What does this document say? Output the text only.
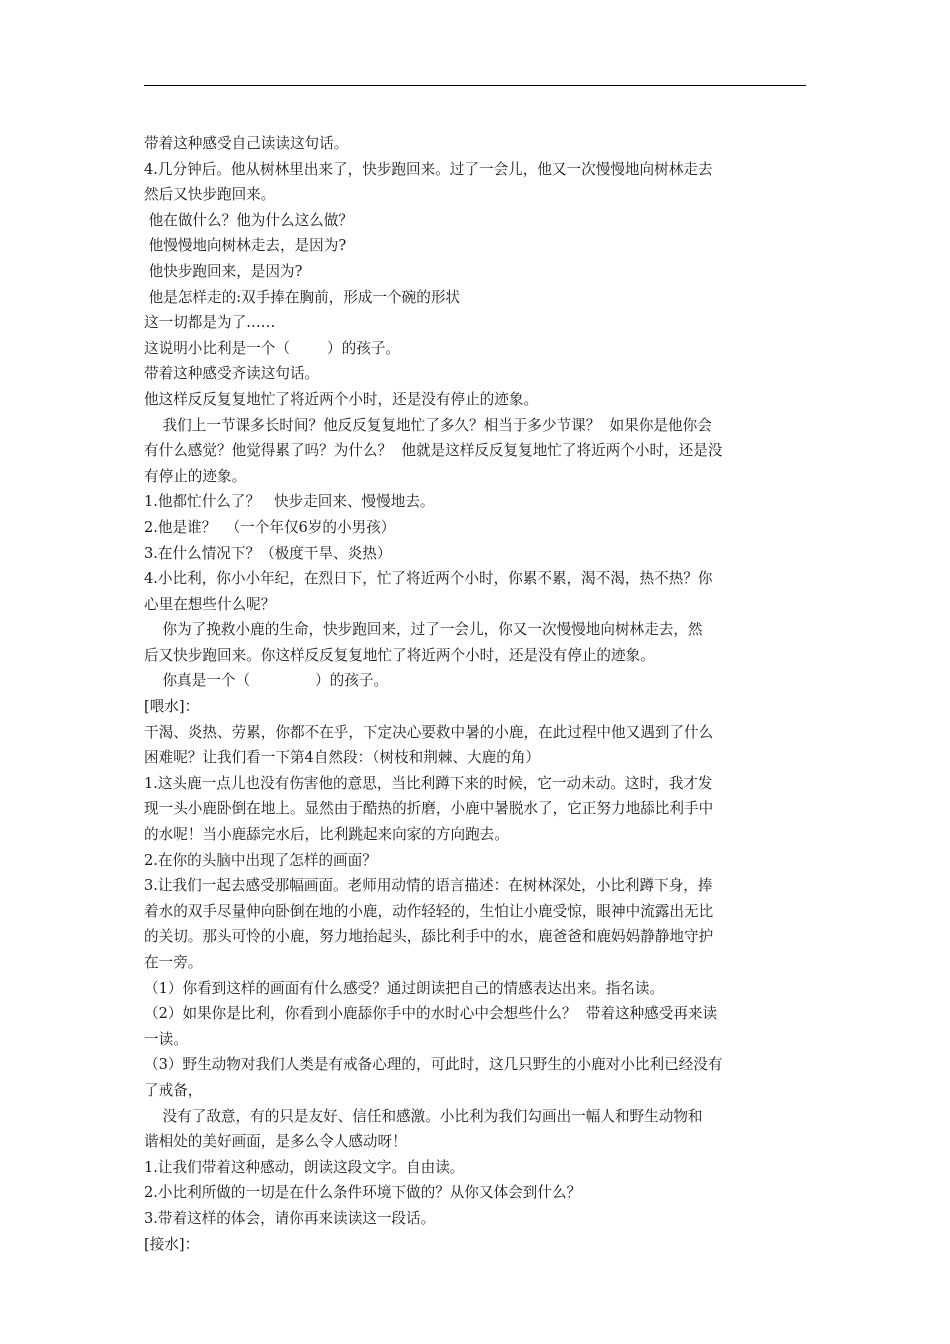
带着这种感受自己读读这句话。
4.几分钟后。他从树林里出来了，快步跑回来。过了一会儿，他又一次慢慢地向树林走去
然后又快步跑回来。
他在做什么？他为什么这么做？
他慢慢地向树林走去，是因为?
他快步跑回来，是因为?
他是怎样走的:双手捧在胸前，形成一个碗的形状
这一切都是为了……
这说明小比利是一个（        ）的孩子。
带着这种感受齐读这句话。
他这样反反复复地忙了将近两个小时，还是没有停止的迹象。
我们上一节课多长时间？他反反复复地忙了多久？相当于多少节课？  如果你是他你会
有什么感觉？他觉得累了吗？为什么？  他就是这样反反复复地忙了将近两个小时，还是没
有停止的迹象。
1.他都忙什么了？   快步走回来、慢慢地去。
2.他是谁？  （一个年仅6岁的小男孩）
3.在什么情况下？（极度干旱、炎热）
4.小比利，你小小年纪，在烈日下，忙了将近两个小时，你累不累，渴不渴，热不热？你
心里在想些什么呢？
你为了挽救小鹿的生命，快步跑回来，过了一会儿，你又一次慢慢地向树林走去，然
后又快步跑回来。你这样反反复复地忙了将近两个小时，还是没有停止的迹象。
你真是一个（              ）的孩子。
[喂水]：
干渴、炎热、劳累，你都不在乎，下定决心要救中暑的小鹿，在此过程中他又遇到了什么
困难呢？让我们看一下第4自然段：（树枝和荆棘、大鹿的角）
1.这头鹿一点儿也没有伤害他的意思，当比利蹲下来的时候，它一动未动。这时，我才发
现一头小鹿卧倒在地上。显然由于酷热的折磨，小鹿中暑脱水了，它正努力地舔比利手中
的水呢！当小鹿舔完水后，比利跳起来向家的方向跑去。
2.在你的头脑中出现了怎样的画面？
3.让我们一起去感受那幅画面。老师用动情的语言描述：在树林深处，小比利蹲下身，捧
着水的双手尽量伸向卧倒在地的小鹿，动作轻轻的，生怕让小鹿受惊，眼神中流露出无比
的关切。那头可怜的小鹿，努力地抬起头，舔比利手中的水，鹿爸爸和鹿妈妈静静地守护
在一旁。
（1）你看到这样的画面有什么感受？通过朗读把自己的情感表达出来。指名读。
（2）如果你是比利，你看到小鹿舔你手中的水时心中会想些什么？  带着这种感受再来读
一读。
（3）野生动物对我们人类是有戒备心理的，可此时，这几只野生的小鹿对小比利已经没有
了戒备，
没有了敌意，有的只是友好、信任和感激。小比利为我们勾画出一幅人和野生动物和
谐相处的美好画面，是多么令人感动呀！
1.让我们带着这种感动，朗读这段文字。自由读。
2.小比利所做的一切是在什么条件环境下做的？从你又体会到什么？
3.带着这样的体会，请你再来读读这一段话。
[接水]：
